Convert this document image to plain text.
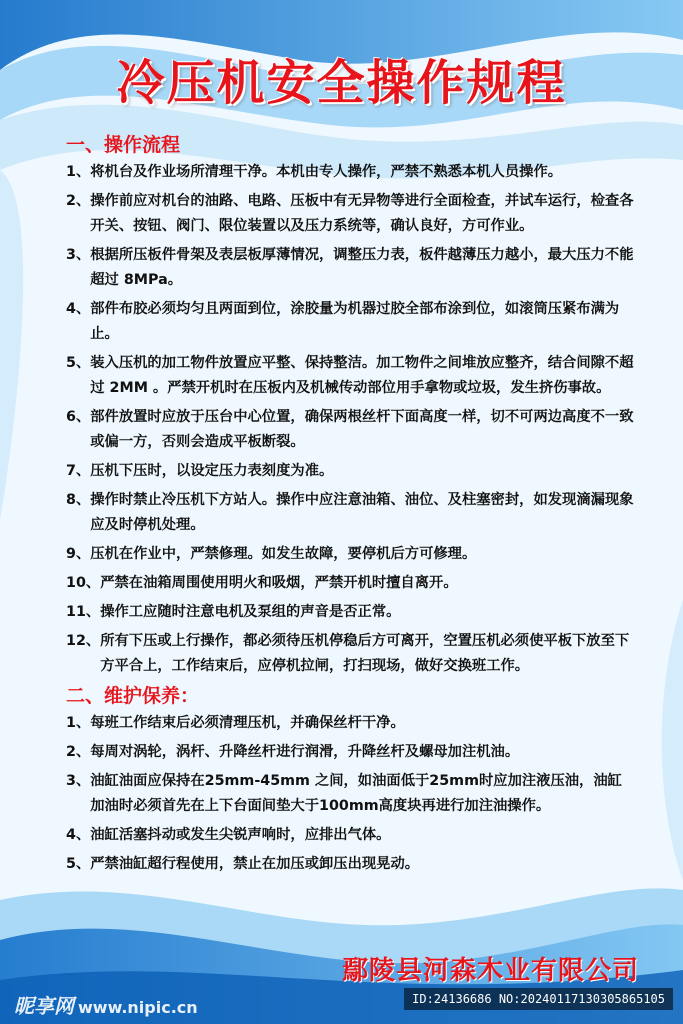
冷压机安全操作规程
一、操作流程
1、 将机台及作业场所清理干净。本机由专人操作，严禁不熟悉本机人员操作。
2、 操作前应对机台的油路、电路、压板中有无异物等进行全面检查，并试车运行，检查各开关、按钮、阀门、限位装置以及压力系统等，确认良好，方可作业。
3、 根据所压板件骨架及表层板厚薄情况，调整压力表，板件越薄压力越小，最大压力不能超过 8MPa。
4、 部件布胶必须均匀且两面到位，涂胶量为机器过胶全部布涂到位，如滚筒压紧布满为止。
5、 装入压机的加工物件放置应平整、保持整洁。加工物件之间堆放应整齐，结合间隙不超过 2MM 。严禁开机时在压板内及机械传动部位用手拿物或垃圾，发生挤伤事故。
6、 部件放置时应放于压台中心位置，确保两根丝杆下面高度一样，切不可两边高度不一致或偏一方，否则会造成平板断裂。
7、 压机下压时，以设定压力表刻度为准。
8、 操作时禁止冷压机下方站人。操作中应注意油箱、油位、及柱塞密封，如发现滴漏现象应及时停机处理。
9、 压机在作业中，严禁修理。如发生故障，要停机后方可修理。
10、 严禁在油箱周围使用明火和吸烟，严禁开机时擅自离开。
11、 操作工应随时注意电机及泵组的声音是否正常。
12、 所有下压或上行操作，都必须待压机停稳后方可离开，空置压机必须使平板下放至下方平合上，工作结束后，应停机拉闸，打扫现场，做好交换班工作。
二、维护保养：
1、 每班工作结束后必须清理压机，并确保丝杆干净。
2、 每周对涡轮，涡杆、升降丝杆进行润滑，升降丝杆及螺母加注机油。
3、 油缸油面应保持在25mm-45mm 之间，如油面低于25mm时应加注液压油，油缸加油时必须首先在上下台面间垫大于100mm高度块再进行加注油操作。
4、 油缸活塞抖动或发生尖锐声响时，应排出气体。
5、 严禁油缸超行程使用，禁止在加压或卸压出现晃动。
鄢陵县河森木业有限公司
昵享网 www.nipic.cn	ID:24136686 NO:20240117130305865105
